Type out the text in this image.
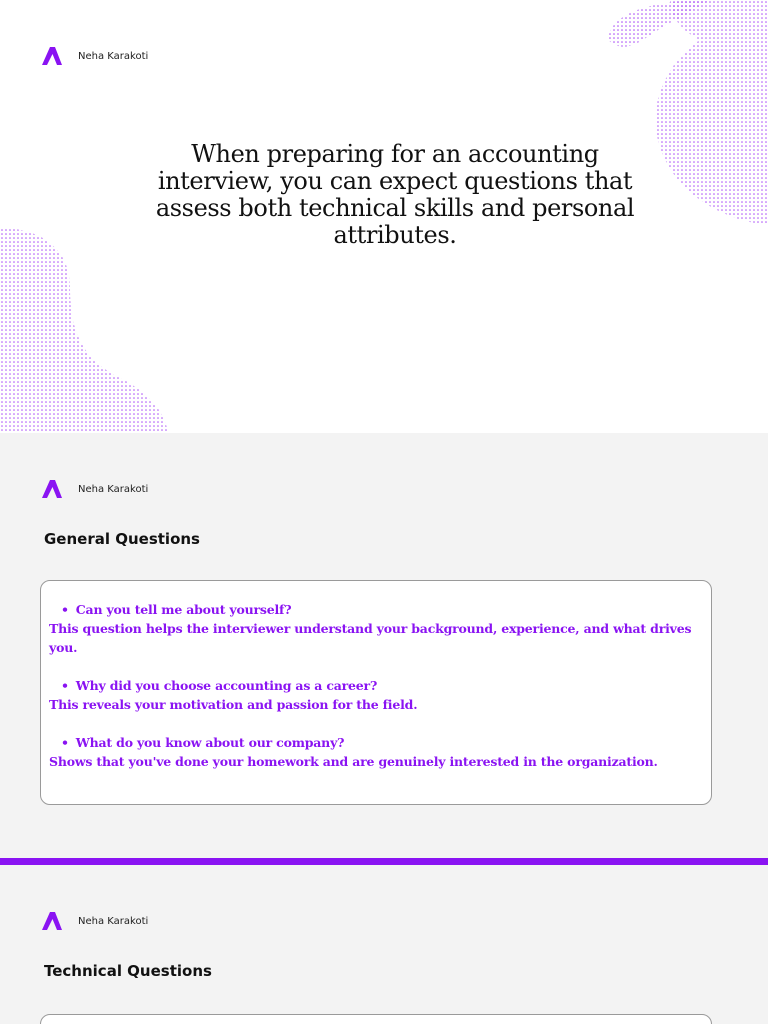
Neha Karakoti
When preparing for an accounting interview, you can expect questions that assess both technical skills and personal attributes.
Neha Karakoti
General Questions
• Can you tell me about yourself?
This question helps the interviewer understand your background, experience, and what drives you.
• Why did you choose accounting as a career?
This reveals your motivation and passion for the field.
• What do you know about our company?
Shows that you've done your homework and are genuinely interested in the organization.
Neha Karakoti
Technical Questions
